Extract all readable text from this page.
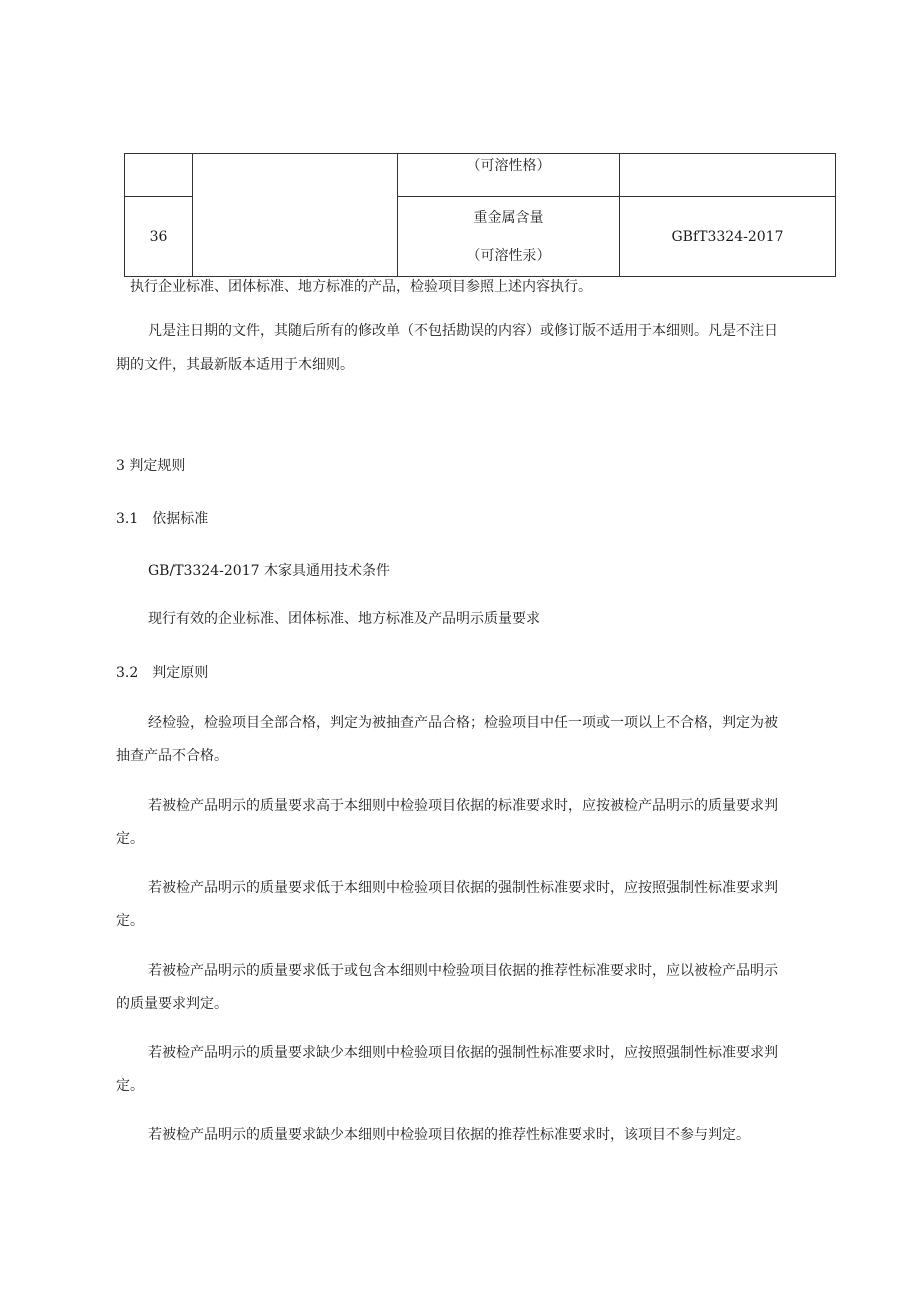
		（可溶性格）	

36		重金属含量
（可溶性汞）	GBfT3324-2017

执行企业标准、团体标准、地方标准的产品，检验项目参照上述内容执行。

凡是注日期的文件，其随后所有的修改单（不包括勘误的内容）或修订版不适用于本细则。凡是不注日

期的文件，其最新版本适用于木细则。

3 判定规则

3.1　依据标准

GB/T3324-2017 木家具通用技术条件

现行有效的企业标准、团体标准、地方标准及产品明示质量要求

3.2　判定原则

经检验，检验项目全部合格，判定为被抽查产品合格；检验项目中任一项或一项以上不合格，判定为被

抽查产品不合格。

若被检产品明示的质量要求高于本细则中检验项目依据的标准要求时，应按被检产品明示的质量要求判

定。

若被检产品明示的质量要求低于本细则中检验项目依据的强制性标准要求时，应按照强制性标准要求判

定。

若被检产品明示的质量要求低于或包含本细则中检验项目依据的推荐性标准要求时，应以被检产品明示

的质量要求判定。

若被检产品明示的质量要求缺少本细则中检验项目依据的强制性标准要求时，应按照强制性标准要求判

定。

若被检产品明示的质量要求缺少本细则中检验项目依据的推荐性标准要求时，该项目不参与判定。
